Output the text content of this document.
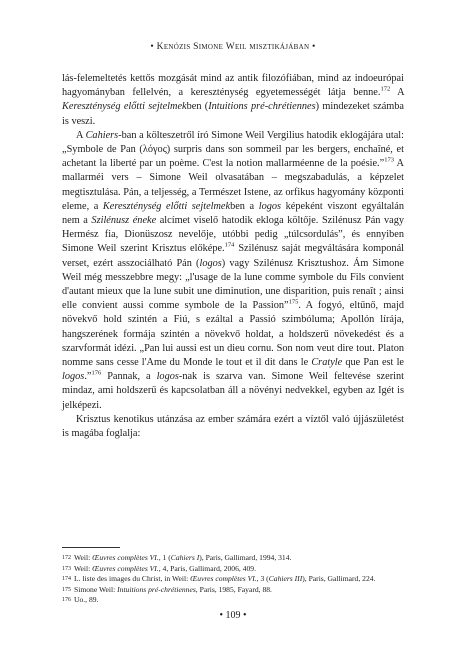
• Kenózis Simone Weil misztikájában •

lás-felemeltetés kettős mozgását mind az antik filozófiában, mind az indoeurópai hagyományban fellelvén, a kereszténység egyetemességét látja benne.$^{172}$ A Kereszténység előtti sejtelmekben (Intuitions pré-chrétiennes) mindezeket számba is veszi.

A Cahiers-ban a költeszetről író Simone Weil Vergilius hatodik eklogájára utal: „Symbole de Pan (λόγος) surpris dans son sommeil par les bergers, enchaîné, et achetant la liberté par un poème. C'est la notion mallarméenne de la poésie.”$^{173}$ A mallarméi vers – Simone Weil olvasatában – megszabadulás, a képzelet megtisztulása. Pán, a teljesség, a Természet Istene, az orfikus hagyomány központi eleme, a Kereszténység előtti sejtelmekben a logos képeként viszont egyáltalán nem a Szilénusz éneke alcímet viselő hatodik ekloga költője. Szilénusz Pán vagy Hermész fia, Dionüszosz nevelője, utóbbi pedig „túlcsordulás”, és ennyiben Simone Weil szerint Krisztus előképe.$^{174}$ Szilénusz saját megváltására komponál verset, ezért asszociálható Pán (logos) vagy Szilénusz Krisztushoz. Ám Simone Weil még messzebbre megy: „l'usage de la lune comme symbole du Fils convient d'autant mieux que la lune subit une diminution, une disparition, puis renaît ; ainsi elle convient aussi comme symbole de la Passion”$^{175}$. A fogyó, eltűnő, majd növekvő hold szintén a Fiú, s ezáltal a Passió szimbóluma; Apollón lírája, hangszerének formája szintén a növekvő holdat, a holdszerű növekedést és a szarvformát idézi. „Pan lui aussi est un dieu cornu. Son nom veut dire tout. Platon nomme sans cesse l'Ame du Monde le tout et il dit dans le Cratyle que Pan est le logos.”$^{176}$ Pannak, a logos-nak is szarva van. Simone Weil feltevése szerint mindaz, ami holdszerű és kapcsolatban áll a növényi nedvekkel, egyben az Igét is jelképezi.

Krisztus kenotikus utánzása az ember számára ezért a víztől való újjászületést is magába foglalja:

172 Weil: Œuvres complètes VI., 1 (Cahiers I), Paris, Gallimard, 1994, 314.
173 Weil: Œuvres complètes VI., 4, Paris, Gallimard, 2006, 409.
174 L. liste des images du Christ, in Weil: Œuvres complètes VI., 3 (Cahiers III), Paris, Gallimard, 224.
175 Simone Weil: Intuitions pré-chrétiennes, Paris, 1985, Fayard, 88.
176 Uo., 89.
• 109 •
